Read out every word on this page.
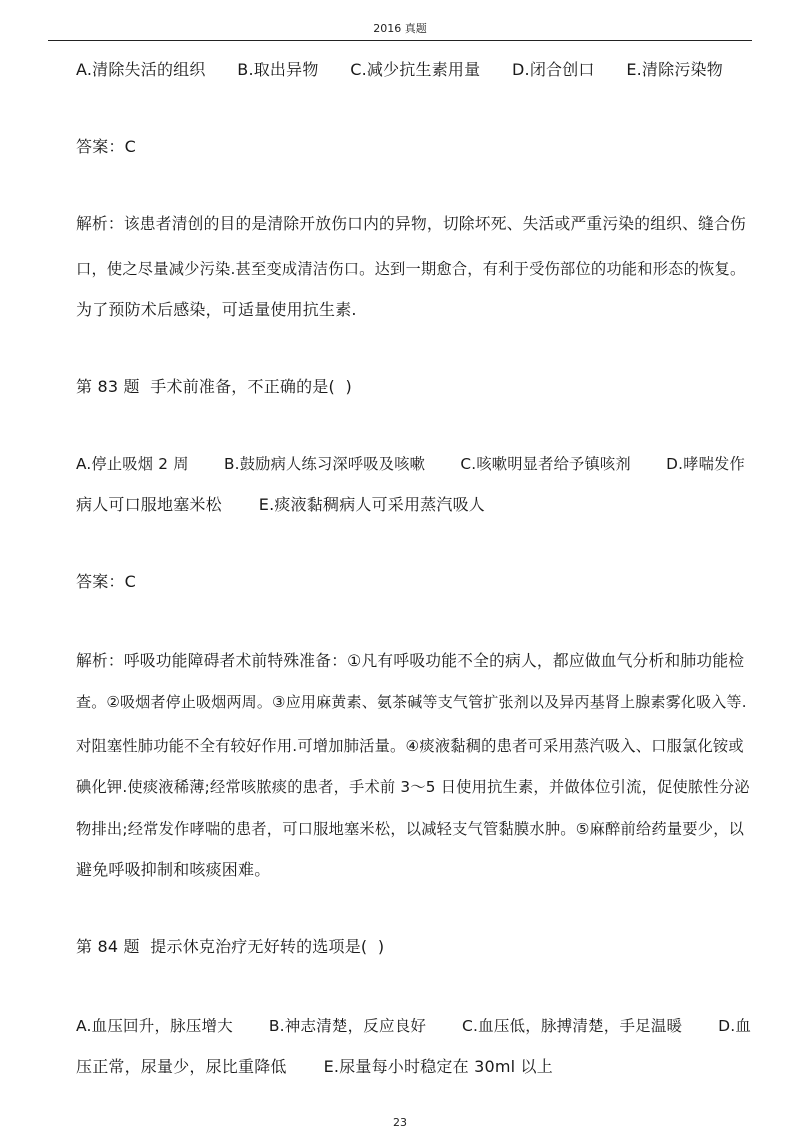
2016 真题
A.清除失活的组织      B.取出异物      C.减少抗生素用量      D.闭合创口      E.清除污染物
答案：C
解析：该患者清创的目的是清除开放伤口内的异物，切除坏死、失活或严重污染的组织、缝合伤
口，使之尽量减少污染.甚至变成清洁伤口。达到一期愈合，有利于受伤部位的功能和形态的恢复。
为了预防术后感染，可适量使用抗生素.
第 83 题  手术前准备，不正确的是(  )
A.停止吸烟 2 周       B.鼓励病人练习深呼吸及咳嗽       C.咳嗽明显者给予镇咳剂       D.哮喘发作
病人可口服地塞米松       E.痰液黏稠病人可采用蒸汽吸人
答案：C
解析：呼吸功能障碍者术前特殊准备：①凡有呼吸功能不全的病人，都应做血气分析和肺功能检
查。②吸烟者停止吸烟两周。③应用麻黄素、氨茶碱等支气管扩张剂以及异丙基肾上腺素雾化吸入等.
对阻塞性肺功能不全有较好作用.可增加肺活量。④痰液黏稠的患者可采用蒸汽吸入、口服氯化铵或
碘化钾.使痰液稀薄;经常咳脓痰的患者，手术前 3～5 日使用抗生素，并做体位引流，促使脓性分泌
物排出;经常发作哮喘的患者，可口服地塞米松，以减轻支气管黏膜水肿。⑤麻醉前给药量要少，以
避免呼吸抑制和咳痰困难。
第 84 题  提示休克治疗无好转的选项是(  )
A.血压回升，脉压增大       B.神志清楚，反应良好       C.血压低，脉搏清楚，手足温暖       D.血
压正常，尿量少，尿比重降低       E.尿量每小时稳定在 30ml 以上
23
